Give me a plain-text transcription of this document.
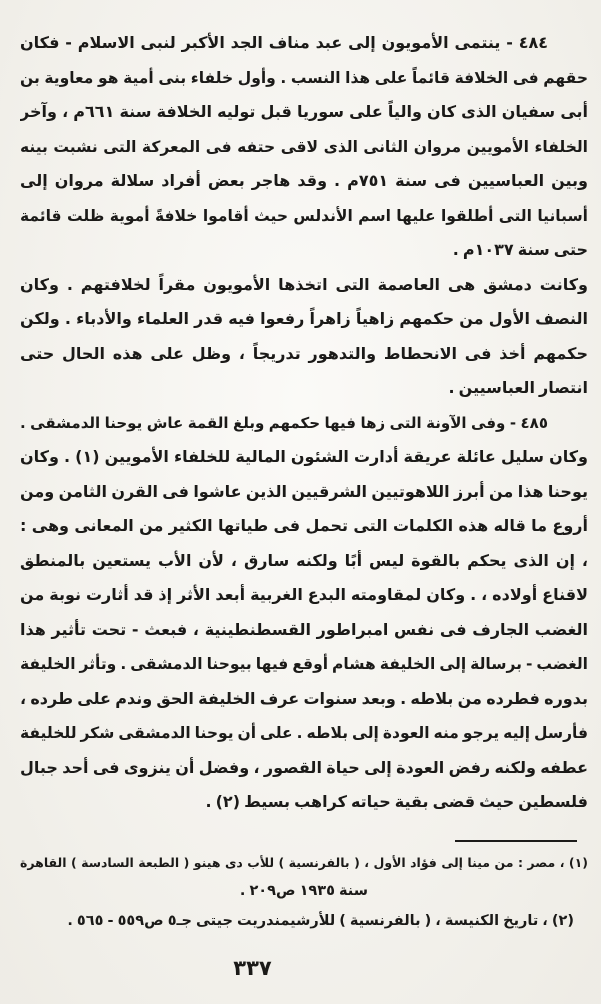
٤٨٤ - ينتمى الأمويون إلى عبد مناف الجد الأكبر لنبى الاسلام - فكان
حقهم فى الخلافة قائماً على هذا النسب . وأول خلفاء بنى أمية هو معاوية بن
أبى سفيان الذى كان والياً على سوريا قبل توليه الخلافة سنة ٦٦١م ، وآخر
الخلفاء الأمويين مروان الثانى الذى لاقى حتفه فى المعركة التى نشبت بينه
وبين العباسيين فى سنة ٧٥١م . وقد هاجر بعض أفراد سلالة مروان إلى
أسبانيا التى أطلقوا عليها اسم الأندلس حيث أقاموا خلافةً أموية ظلت قائمة
حتى سنة ١٠٣٧م .
وكانت دمشق هى العاصمة التى اتخذها الأمويون مقراً لخلافتهم . وكان
النصف الأول من حكمهم زاهياً زاهراً رفعوا فيه قدر العلماء والأدباء . ولكن
حكمهم أخذ فى الانحطاط والتدهور تدريجاً ، وظل على هذه الحال حتى
انتصار العباسيين .
٤٨٥ - وفى الآونة التى زها فيها حكمهم وبلغ القمة عاش يوحنا الدمشقى .
وكان سليل عائلة عريقة أدارت الشئون المالية للخلفاء الأمويين (١) . وكان
يوحنا هذا من أبرز اللاهوتيين الشرقيين الذين عاشوا فى القرن الثامن ومن
أروع ما قاله هذه الكلمات التى تحمل فى طياتها الكثير من المعانى وهى :
، إن الذى يحكم بالقوة ليس أبًا ولكنه سارق ، لأن الأب يستعين بالمنطق
لاقناع أولاده ، . وكان لمقاومته البدع الغربية أبعد الأثر إذ قد أثارت نوبة من
الغضب الجارف فى نفس امبراطور القسطنطينية ، فبعث - تحت تأثير هذا
الغضب - برسالة إلى الخليفة هشام أوقع فيها بيوحنا الدمشقى . وتأثر الخليفة
بدوره فطرده من بلاطه . وبعد سنوات عرف الخليفة الحق وندم على طرده ،
فأرسل إليه يرجو منه العودة إلى بلاطه . على أن يوحنا الدمشقى شكر للخليفة
عطفه ولكنه رفض العودة إلى حياة القصور ، وفضل أن ينزوى فى أحد جبال
فلسطين حيث قضى بقية حياته كراهب بسيط (٢) .
(١) ، مصر : من مينا إلى فؤاد الأول ، ( بالفرنسية ) للأب دى هينو ( الطبعة السادسة ) القاهرة
سنة ١٩٣٥ ص٢٠٩ .
(٢) ، تاريخ الكنيسة ، ( بالفرنسية ) للأرشيمندريت جيتى جـ٥ ص٥٥٩ - ٥٦٥ .
٣٣٧
